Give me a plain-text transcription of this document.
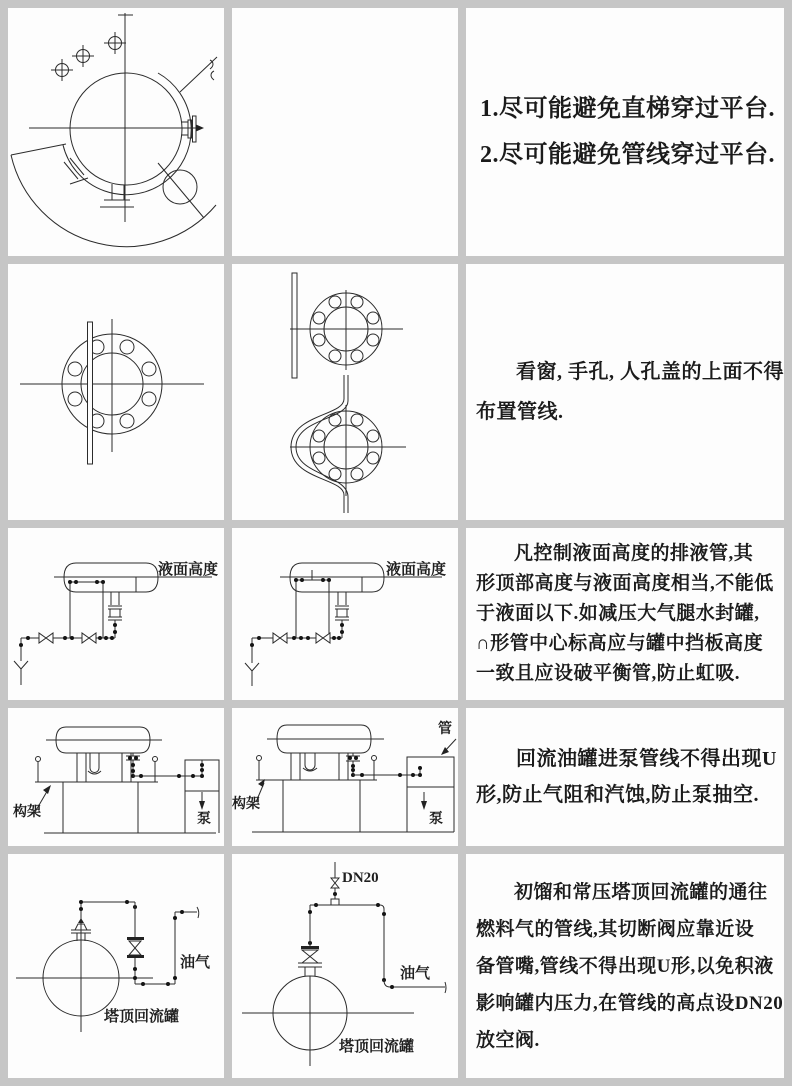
1.尽可能避免直梯穿过平台.
2.尽可能避免管线穿过平台.
看窗, 手孔, 人孔盖的上面不得
布置管线.
液面高度	液面高度
凡控制液面高度的排液管,其
形顶部高度与液面高度相当,不能低
于液面以下.如减压大气腿水封罐,
∩形管中心标高应与罐中挡板高度
一致且应设破平衡管,防止虹吸.
构架	泵
构架
泵
管
回流油罐进泵管线不得出现U
形,防止气阻和汽蚀,防止泵抽空.
油气
塔顶回流罐
DN20
油气
塔顶回流罐
初馏和常压塔顶回流罐的通往
燃料气的管线,其切断阀应靠近设
备管嘴,管线不得出现U形,以免积液
影响罐内压力,在管线的高点设DN20
放空阀.
